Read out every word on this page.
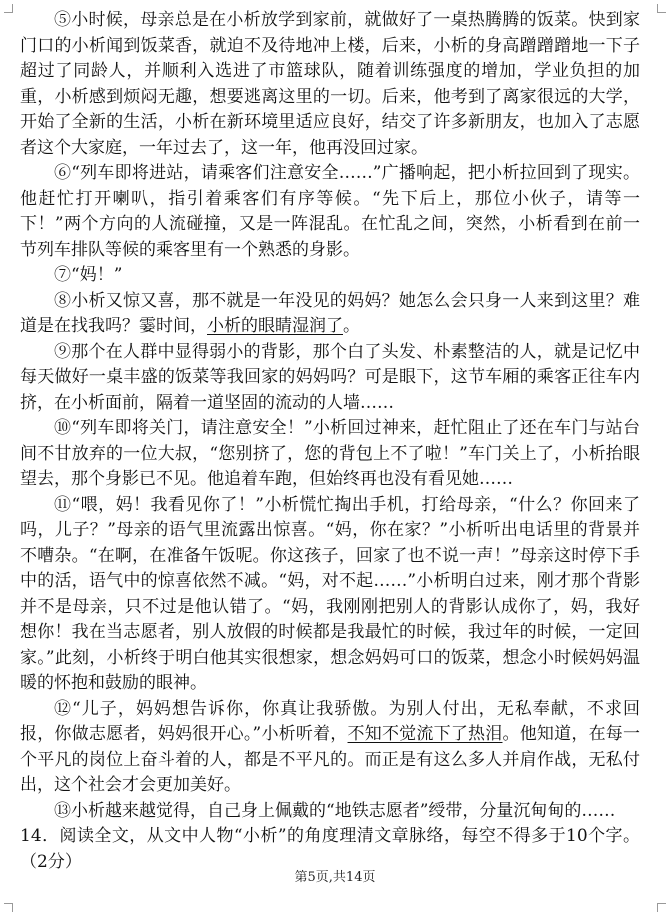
⑤小时候，母亲总是在小析放学到家前，就做好了一桌热腾腾的饭菜。快到家门口的小析闻到饭菜香，就迫不及待地冲上楼，后来，小析的身高蹭蹭蹭地一下子超过了同龄人，并顺利入选进了市篮球队，随着训练强度的增加，学业负担的加重，小析感到烦闷无趣，想要逃离这里的一切。后来，他考到了离家很远的大学，开始了全新的生活，小析在新环境里适应良好，结交了许多新朋友，也加入了志愿者这个大家庭，一年过去了，这一年，他再没回过家。

⑥“列车即将进站，请乘客们注意安全……”广播响起，把小析拉回到了现实。他赶忙打开喇叭，指引着乘客们有序等候。“先下后上，那位小伙子，请等一下！”两个方向的人流碰撞，又是一阵混乱。在忙乱之间，突然，小析看到在前一节列车排队等候的乘客里有一个熟悉的身影。

⑦“妈！”

⑧小析又惊又喜，那不就是一年没见的妈妈？她怎么会只身一人来到这里？难道是在找我吗？霎时间，小析的眼睛湿润了。

⑨那个在人群中显得弱小的背影，那个白了头发、朴素整洁的人，就是记忆中每天做好一桌丰盛的饭菜等我回家的妈妈吗？可是眼下，这节车厢的乘客正往车内挤，在小析面前，隔着一道坚固的流动的人墙……

⑩“列车即将关门，请注意安全！”小析回过神来，赶忙阻止了还在车门与站台间不甘放弃的一位大叔，“您别挤了，您的背包上不了啦！”车门关上了，小析抬眼望去，那个身影已不见。他追着车跑，但始终再也没有看见她……

⑪“喂，妈！我看见你了！”小析慌忙掏出手机，打给母亲，“什么？你回来了吗，儿子？”母亲的语气里流露出惊喜。“妈，你在家？”小析听出电话里的背景并不嘈杂。“在啊，在准备午饭呢。你这孩子，回家了也不说一声！”母亲这时停下手中的活，语气中的惊喜依然不减。“妈，对不起……”小析明白过来，刚才那个背影并不是母亲，只不过是他认错了。“妈，我刚刚把别人的背影认成你了，妈，我好想你！我在当志愿者，别人放假的时候都是我最忙的时候，我过年的时候，一定回家。”此刻，小析终于明白他其实很想家，想念妈妈可口的饭菜，想念小时候妈妈温暖的怀抱和鼓励的眼神。

⑫“儿子，妈妈想告诉你，你真让我骄傲。为别人付出，无私奉献，不求回报，你做志愿者，妈妈很开心。”小析听着，不知不觉流下了热泪。他知道，在每一个平凡的岗位上奋斗着的人，都是不平凡的。而正是有这么多人并肩作战，无私付出，这个社会才会更加美好。

⑬小析越来越觉得，自己身上佩戴的“地铁志愿者”绶带，分量沉甸甸的……

14．阅读全文，从文中人物“小析”的角度理清文章脉络，每空不得多于10个字。（2分）

第5页,共14页
